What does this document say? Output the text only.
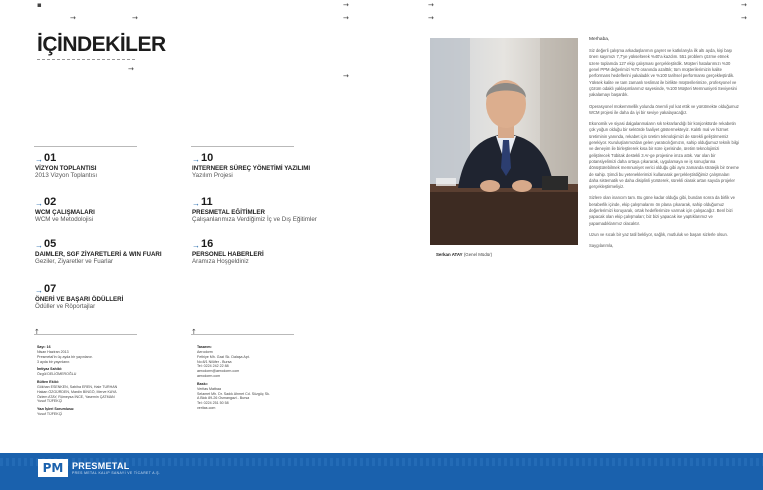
▪
→	→
→
→
→
→
→
→
→
→
İÇİNDEKİLER
→ 01
VİZYON TOPLANTISI
2013 Vizyon Toplantısı
→ 02
WCM ÇALIŞMALARI
WCM ve Metodolojisi
→ 05
DAIMLER, SGF ZİYARETLERİ & WIN FUARI
Geziler, Ziyaretler ve Fuarlar
→ 07
ÖNERİ VE BAŞARI ÖDÜLLERİ
Ödüller ve Röportajlar
→ 10
INTERNEER SÜREÇ YÖNETİMİ YAZILIMI
Yazılım Projesi
→ 11
PRESMETAL EĞİTİMLER
Çalışanlarımıza Verdiğimiz İç ve Dış Eğitimler
→ 16
PERSONEL HABERLERİ
Aramıza Hoşgeldiniz
↑	↑
Sayı: 16
Nisan Haziran 2013
Presmetal'in üç ayda bir yayınlanır.
3 ayda bir yayınlanır.
İmtiyaz Sahibi:
Özgül DELİÖMEROĞLU
Bülten Ekibi:
Gökhan ESENKEN, Sabiha EREN, Hale TURHAN
Hakan ÖZGÜRDEN, Mardin BİNGÖ, Merve KAYA
Özlem ATAY, Rümeysa İNCE, Yasemin ÇATMAN
Yusuf TÜFEKÇİ
Yazı İşleri Sorumlusu:
Yusuf TÜFEKÇİ
Tasarım:
Aerodorm
Fethiye Mh. Gazi Sk. Dalaşa Apt.
No:8/1 Nilüfer - Bursa
Tel: 0224 242 22 88
aerodorm@aerodorm.com
aerodorm.com
Baskı:
Veritas Matbaa
Selamet Mh. Dr. Sadık Ahmet Cd. Süzgüç Sk.
A Blok 89-26 Osmangazi - Bursa
Tel: 0224 251 50 58
veritas.com
Serkan ATAY (Genel Müdür)

Merhaba,

Siz değerli çalışma arkadaşlarımın gayret ve katkılarıyla ilk altı ayda, kişi başı önerı sayımızı 7,7'ye yükselterek %40'a kazdım. 551 problem çözme etmek üzere toplamda 127 ekip çalışması gerçekleştirdik. Müşteri hatalarımızı %30 genel PPM değerimizi %70 oranında azalttık; tüm müşterilerimizin kalite performans hedeflerini yakaladık ve %100 tarihsel performansı gerçekleştirdik. Yüksek kalite ve tam zamanlı teslimat ile birlikte müşterilerimize, profesyonel ve çözüm odaklı yaklaşımlarımız sayesinde, %100 Müşteri Memnuniyeti Seviyesini yakalamayı başardık.

Operasyonel mükemmellik yolunda önemli yol kat ettik ve yürütmekte olduğumuz WCM projesi ile daha da iyi bir seviye yakalayacağız.

Ekonomik ve siyasi dalgalanmaların sık tekrarlandığı bir konjonktürde rekabetin çok yoğun olduğu bir sektörde faaliyet göstermekteyiz. Kalıtlı mal ve hizmet üretiminin yanında, rekabet için üretim teknolojimizi de sürekli geliştirmemiz gerekiyor. Kuruluşlarımızdan gelen yaratıcılığımızın, sahip olduğumuz teknik bilgi ve deneyim ile birleştirerek kısa bir süre içerisinde, üretim teknolojimizi geliştirecek Tübitak destekli 3 Ar-ge projesine imza attık. Var olan bir potansiyelimizi daha ortaya çıkararak, uygulamaya ve iş sonuçlarına dönüştürebilmek memnuniyet verici olduğu gibi aynı zamanda stratejik bir öneme de sahip. Şimdi bu yeteneklerimizi kullanarak gerçekleştirdiğimiz çalışmaları daha sistematik ve daha disiplinli yürüterek, sürekli olarak artan sayıda projeler gerçekleştirmeliyiz.

Sizlere olan inancım tam. Bu güne kadar olduğu gibi, bundan sonra da birlik ve beraberlik içinde, ekip çalışmalarını ön plana çıkararak, sahip olduğumuz değerlerimizi koruyarak, ortak hedeflerimize varmak için çalışacağız. Benl bizi yapacak olan ekip çalışmaları; biz bizi yapacak ise yaptıklarımız ve yapamadıklarımız olacaktır.

Uzun ve sıcak bir yaz tatil bekliyor, sağlık, mutluluk ve başarı sizlerle olsun.

Saygılarımla,

PM PRESMETAL
PRES METAL KALIP SANAYİ VE TİCARET A.Ş.
